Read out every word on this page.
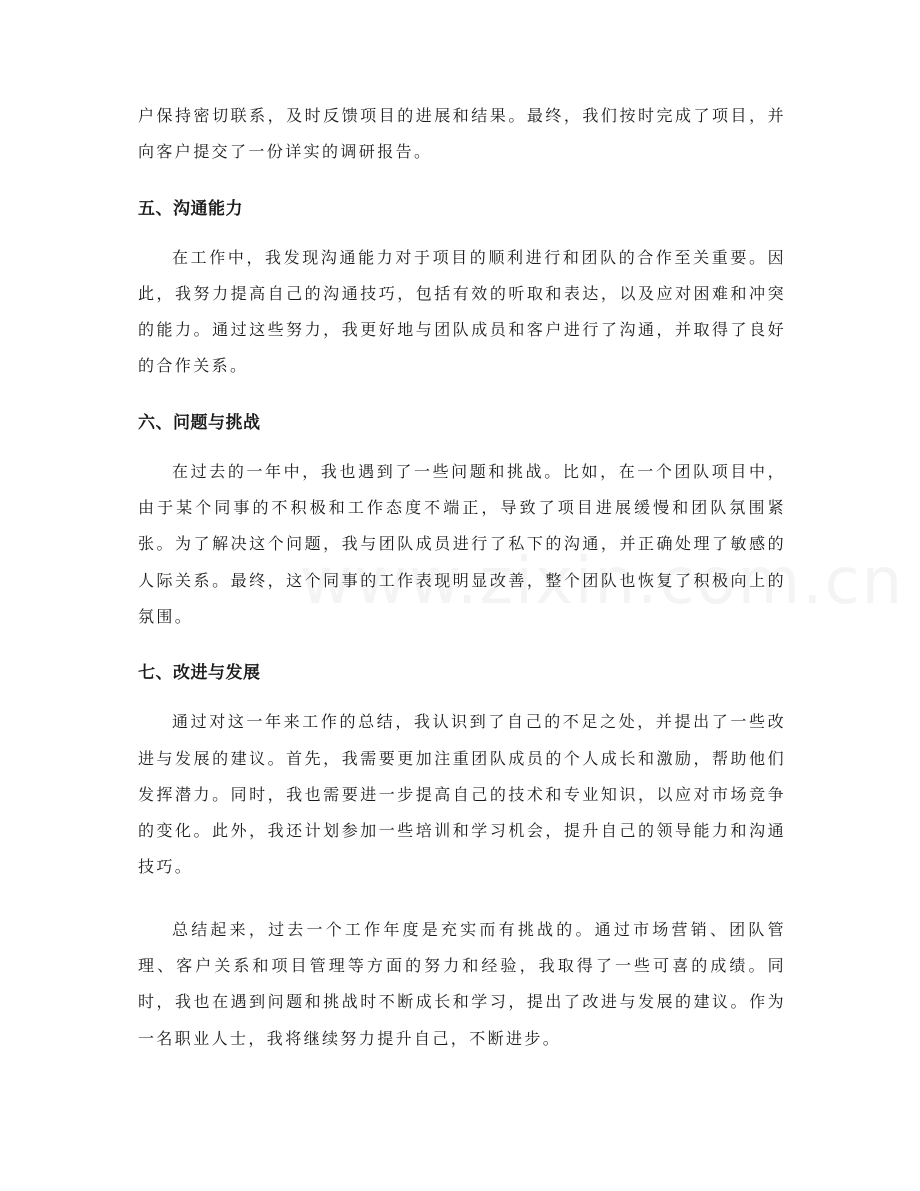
户保持密切联系，及时反馈项目的进展和结果。最终，我们按时完成了项目，并向客户提交了一份详实的调研报告。

五、沟通能力

在工作中，我发现沟通能力对于项目的顺利进行和团队的合作至关重要。因此，我努力提高自己的沟通技巧，包括有效的听取和表达，以及应对困难和冲突的能力。通过这些努力，我更好地与团队成员和客户进行了沟通，并取得了良好的合作关系。

六、问题与挑战

在过去的一年中，我也遇到了一些问题和挑战。比如，在一个团队项目中，由于某个同事的不积极和工作态度不端正，导致了项目进展缓慢和团队氛围紧张。为了解决这个问题，我与团队成员进行了私下的沟通，并正确处理了敏感的人际关系。最终，这个同事的工作表现明显改善，整个团队也恢复了积极向上的氛围。

七、改进与发展

通过对这一年来工作的总结，我认识到了自己的不足之处，并提出了一些改进与发展的建议。首先，我需要更加注重团队成员的个人成长和激励，帮助他们发挥潜力。同时，我也需要进一步提高自己的技术和专业知识，以应对市场竞争的变化。此外，我还计划参加一些培训和学习机会，提升自己的领导能力和沟通技巧。

总结起来，过去一个工作年度是充实而有挑战的。通过市场营销、团队管理、客户关系和项目管理等方面的努力和经验，我取得了一些可喜的成绩。同时，我也在遇到问题和挑战时不断成长和学习，提出了改进与发展的建议。作为一名职业人士，我将继续努力提升自己，不断进步。
